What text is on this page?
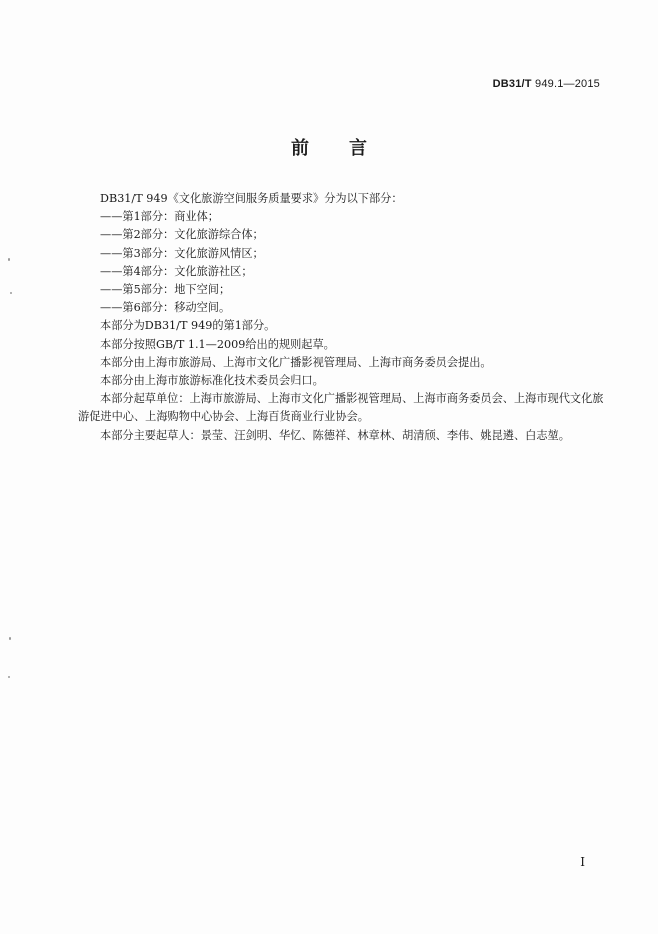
DB31/T 949.1—2015
前言

DB31/T 949《文化旅游空间服务质量要求》分为以下部分：

——第1部分：商业体；

——第2部分：文化旅游综合体；

——第3部分：文化旅游风情区；

——第4部分：文化旅游社区；

——第5部分：地下空间；

——第6部分：移动空间。

本部分为DB31/T 949的第1部分。

本部分按照GB/T 1.1—2009给出的规则起草。

本部分由上海市旅游局、上海市文化广播影视管理局、上海市商务委员会提出。

本部分由上海市旅游标准化技术委员会归口。

本部分起草单位：上海市旅游局、上海市文化广播影视管理局、上海市商务委员会、上海市现代文化旅游促进中心、上海购物中心协会、上海百货商业行业协会。

本部分主要起草人：景莹、汪剑明、华忆、陈德祥、林章林、胡清颀、李伟、姚昆遴、白志堃。

I
